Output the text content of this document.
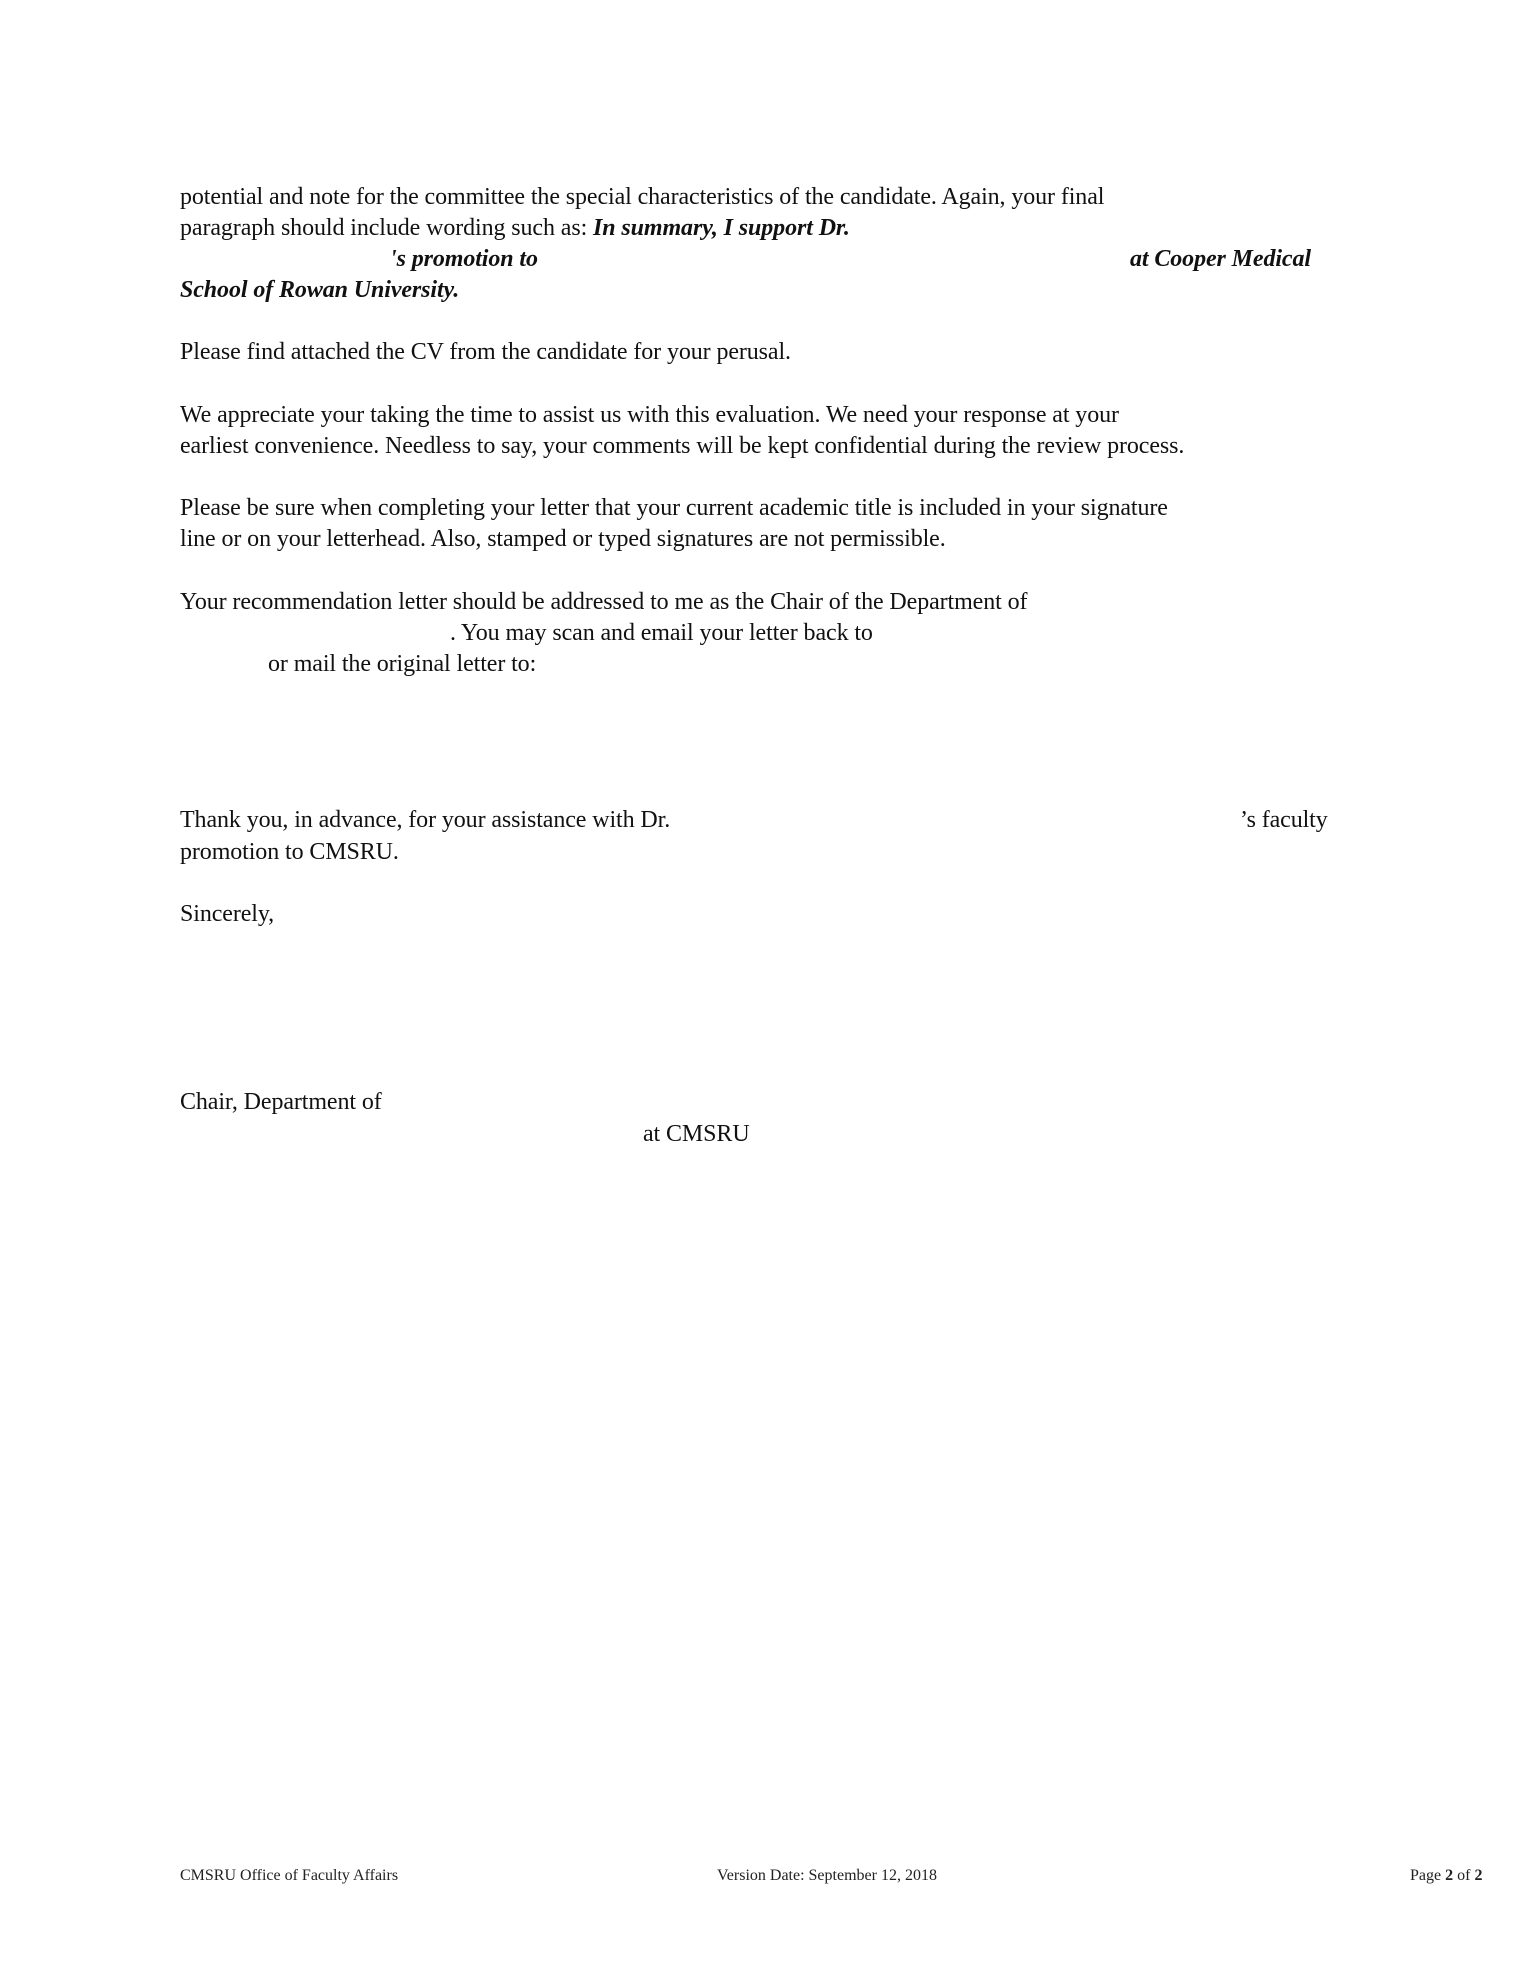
potential and note for the committee the special characteristics of the candidate. Again, your final
paragraph should include wording such as: In summary, I support Dr.
's promotion to	at Cooper Medical
School of Rowan University.
Please find attached the CV from the candidate for your perusal.
We appreciate your taking the time to assist us with this evaluation. We need your response at your
earliest convenience. Needless to say, your comments will be kept confidential during the review process.
Please be sure when completing your letter that your current academic title is included in your signature
line or on your letterhead. Also, stamped or typed signatures are not permissible.
Your recommendation letter should be addressed to me as the Chair of the Department of
. You may scan and email your letter back to
or mail the original letter to:
Thank you, in advance, for your assistance with Dr.	’s faculty
promotion to CMSRU.
Sincerely,
Chair, Department of
at CMSRU
CMSRU Office of Faculty Affairs	Version Date: September 12, 2018	Page 2 of 2
